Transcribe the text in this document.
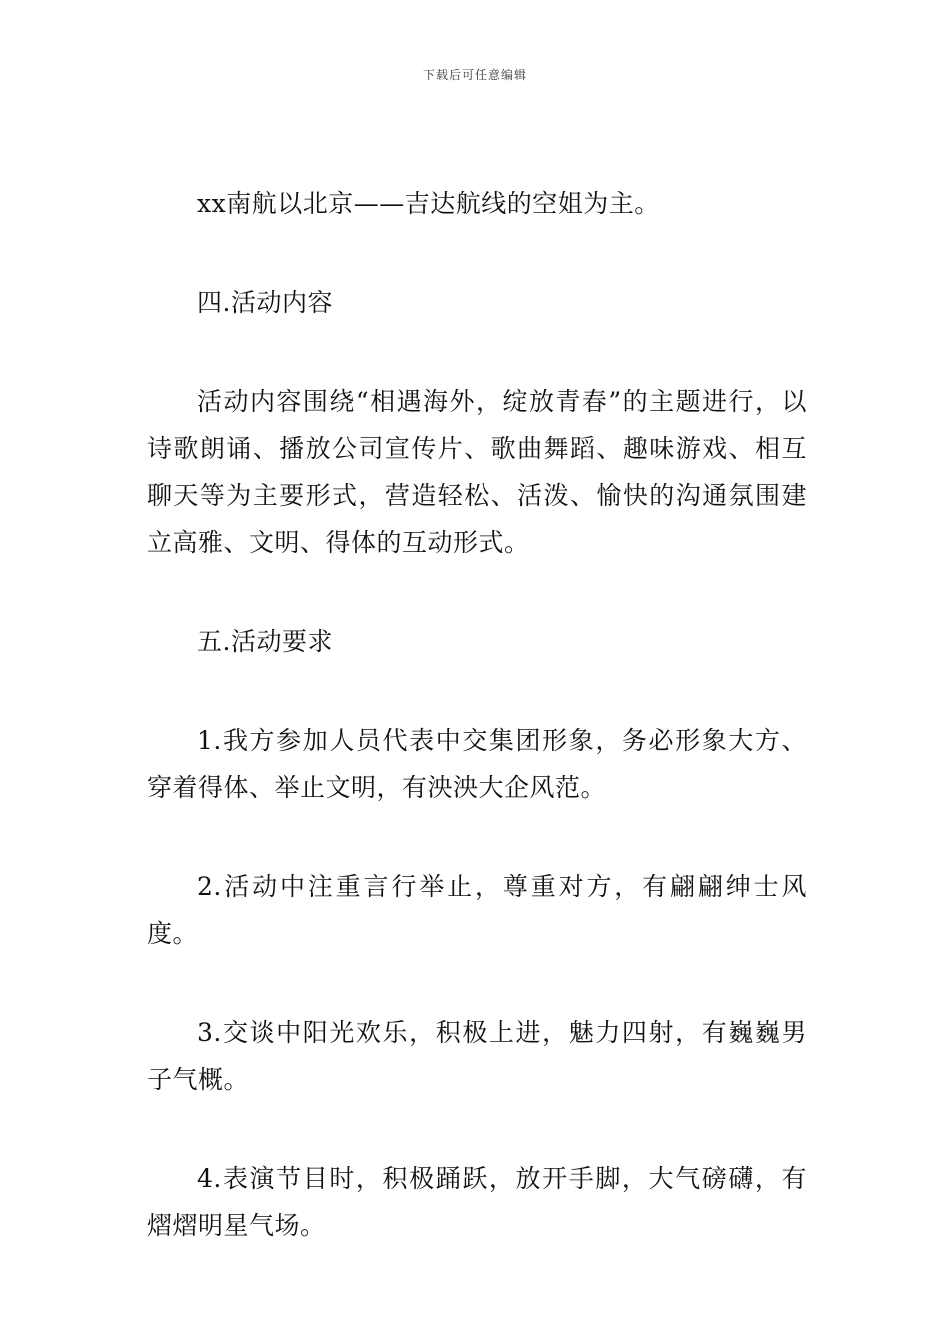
下载后可任意编辑

xx南航以北京——吉达航线的空姐为主。

四.活动内容

活动内容围绕“相遇海外，绽放青春”的主题进行，以诗歌朗诵、播放公司宣传片、歌曲舞蹈、趣味游戏、相互聊天等为主要形式，营造轻松、活泼、愉快的沟通氛围建立高雅、文明、得体的互动形式。

五.活动要求

1.我方参加人员代表中交集团形象，务必形象大方、穿着得体、举止文明，有泱泱大企风范。

2.活动中注重言行举止，尊重对方，有翩翩绅士风度。

3.交谈中阳光欢乐，积极上进，魅力四射，有巍巍男子气概。

4.表演节目时，积极踊跃，放开手脚，大气磅礴，有熠熠明星气场。
